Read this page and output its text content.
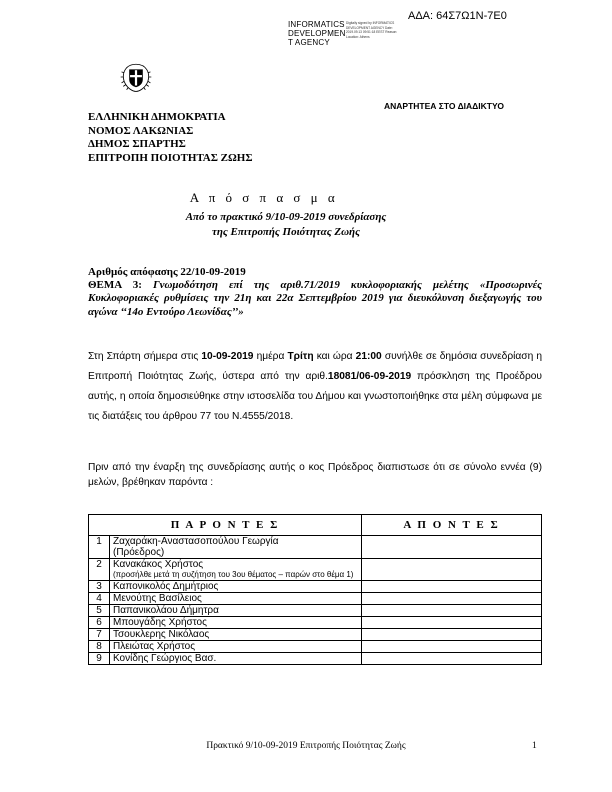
ΑΔΑ: 64Σ7Ω1Ν-7Ε0
INFORMATICS
DEVELOPMEN
T AGENCY
Digitally signed by INFORMATICS DEVELOPMENT AGENCY Date: 2019.09.13 09:51:18 EEST Reason: Location: Athens
ΑΝΑΡΤΗΤΕΑ ΣΤΟ ΔΙΑΔΙΚΤΥΟ
ΕΛΛΗΝΙΚΗ ΔΗΜΟΚΡΑΤΙΑ
ΝΟΜΟΣ ΛΑΚΩΝΙΑΣ
ΔΗΜΟΣ ΣΠΑΡΤΗΣ
ΕΠΙΤΡΟΠΗ ΠΟΙΟΤΗΤΑΣ ΖΩΗΣ
Α π ό σ π α σ μ α
Από το πρακτικό 9/10-09-2019 συνεδρίασης
της Επιτροπής Ποιότητας Ζωής
Αριθμός απόφασης 22/10-09-2019
ΘΕΜΑ 3: Γνωμοδότηση επί της αριθ.71/2019 κυκλοφοριακής μελέτης «Προσωρινές Κυκλοφοριακές ρυθμίσεις την 21η και 22α Σεπτεμβρίου 2019 για διευκόλυνση διεξαγωγής του αγώνα ‘‘14ο Εντούρο Λεωνίδας’’»
Στη Σπάρτη σήμερα στις 10-09-2019 ημέρα Τρίτη και ώρα 21:00 συνήλθε σε δημόσια συνεδρίαση η Επιτροπή Ποιότητας Ζωής, ύστερα από την αριθ.18081/06-09-2019 πρόσκληση της Προέδρου αυτής, η οποία δημοσιεύθηκε στην ιστοσελίδα του Δήμου και γνωστοποιήθηκε στα μέλη σύμφωνα με τις διατάξεις του άρθρου 77 του Ν.4555/2018.
Πριν από την έναρξη της συνεδρίασης αυτής ο κος Πρόεδρος διαπιστωσε ότι σε σύνολο εννέα (9) μελών, βρέθηκαν παρόντα :
Π Α Ρ Ο Ν Τ Ε Σ		Α Π Ο Ν Τ Ε Σ
1	Ζαχαράκη-Αναστασοπούλου Γεωργία
(Πρόεδρος)	

2	Κανακάκος Χρήστος
(προσήλθε μετά τη συζήτηση του 3ου θέματος – παρών στο θέμα 1)	

3	Καπονικολός Δημήτριος	
4	Μενούτης Βασίλειος	
5	Παπανικολάου Δήμητρα	
6	Μπουγάδης Χρήστος	
7	Τσουκλερης Νικόλαος	
8	Πλειώτας Χρήστος	
9	Κονίδης Γεώργιος Βασ.	
Πρακτικό 9/10-09-2019 Επιτροπής Ποιότητας Ζωής	1
